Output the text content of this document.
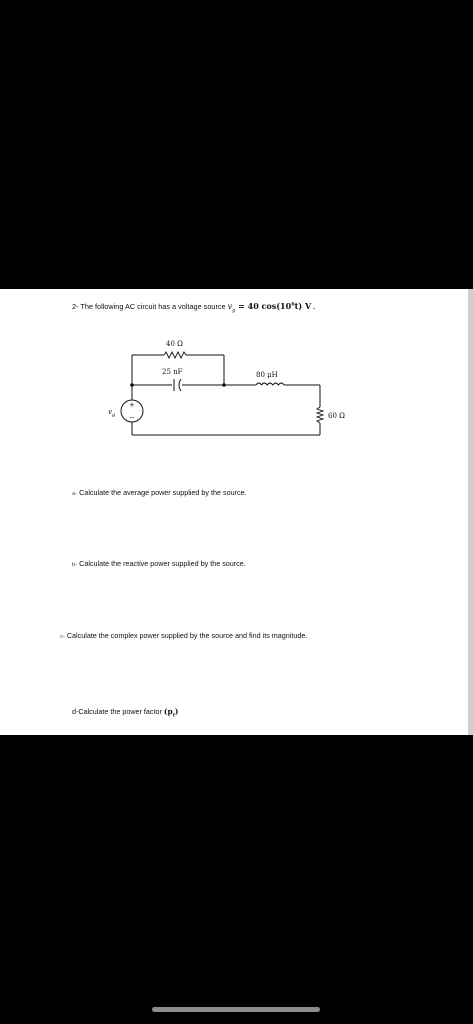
2- The following AC circuit has a voltage source $v_g = 40$ $\cos(10^6t)$ V .
+
−
40 Ω
25 nF	80 μH
60 Ω
$v_g$
a- Calculate the average power supplied by the source.
b- Calculate the reactive power supplied by the source.
c- Calculate the complex power supplied by the source and find its magnitude.
d-Calculate the power factor $(p_f)$
